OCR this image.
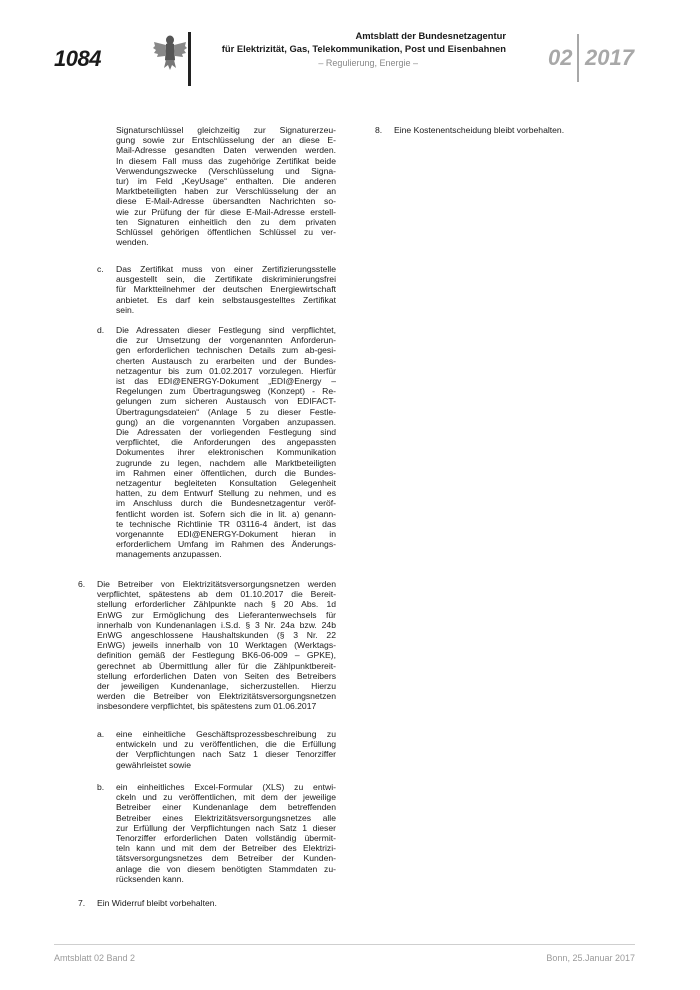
1084
Amtsblatt der Bundesnetzagentur
für Elektrizität, Gas, Telekommunikation, Post und Eisenbahnen
– Regulierung, Energie –	02 2017
Signaturschlüssel gleichzeitig zur Signaturerzeu-
gung sowie zur Entschlüsselung der an diese E-
Mail-Adresse gesandten Daten verwenden werden.
In diesem Fall muss das zugehörige Zertifikat beide
Verwendungszwecke (Verschlüsselung und Signa-
tur) im Feld „KeyUsage“ enthalten. Die anderen
Marktbeteiligten haben zur Verschlüsselung der an
diese E-Mail-Adresse übersandten Nachrichten so-
wie zur Prüfung der für diese E-Mail-Adresse erstell-
ten Signaturen einheitlich den zu dem privaten
Schlüssel gehörigen öffentlichen Schlüssel zu ver-
wenden.
c. Das Zertifikat muss von einer Zertifizierungsstelle
ausgestellt sein, die Zertifikate diskriminierungsfrei
für Marktteilnehmer der deutschen Energiewirtschaft
anbietet. Es darf kein selbstausgestelltes Zertifikat
sein.
d. Die Adressaten dieser Festlegung sind verpflichtet,
die zur Umsetzung der vorgenannten Anforderun-
gen erforderlichen technischen Details zum ab-gesi-
cherten Austausch zu erarbeiten und der Bundes-
netzagentur bis zum 01.02.2017 vorzulegen. Hierfür
ist das EDI@ENERGY-Dokument „EDI@Energy –
Regelungen zum Übertragungsweg (Konzept) - Re-
gelungen zum sicheren Austausch von EDIFACT-
Übertragungsdateien“ (Anlage 5 zu dieser Festle-
gung) an die vorgenannten Vorgaben anzupassen.
Die Adressaten der vorliegenden Festlegung sind
verpflichtet, die Anforderungen des angepassten
Dokumentes ihrer elektronischen Kommunikation
zugrunde zu legen, nachdem alle Marktbeteiligten
im Rahmen einer öffentlichen, durch die Bundes-
netzagentur begleiteten Konsultation Gelegenheit
hatten, zu dem Entwurf Stellung zu nehmen, und es
im Anschluss durch die Bundesnetzagentur veröf-
fentlicht worden ist. Sofern sich die in lit. a) genann-
te technische Richtlinie TR 03116-4 ändert, ist das
vorgenannte EDI@ENERGY-Dokument hieran in
erforderlichem Umfang im Rahmen des Änderungs-
managements anzupassen.
6. Die Betreiber von Elektrizitätsversorgungsnetzen werden
verpflichtet, spätestens ab dem 01.10.2017 die Bereit-
stellung erforderlicher Zählpunkte nach § 20 Abs. 1d
EnWG zur Ermöglichung des Lieferantenwechsels für
innerhalb von Kundenanlagen i.S.d. § 3 Nr. 24a bzw. 24b
EnWG angeschlossene Haushaltskunden (§ 3 Nr. 22
EnWG) jeweils innerhalb von 10 Werktagen (Werktags-
definition gemäß der Festlegung BK6-06-009 – GPKE),
gerechnet ab Übermittlung aller für die Zählpunktbereit-
stellung erforderlichen Daten von Seiten des Betreibers
der jeweiligen Kundenanlage, sicherzustellen. Hierzu
werden die Betreiber von Elektrizitätsversorgungsnetzen
insbesondere verpflichtet, bis spätestens zum 01.06.2017
a. eine einheitliche Geschäftsprozessbeschreibung zu
entwickeln und zu veröffentlichen, die die Erfüllung
der Verpflichtungen nach Satz 1 dieser Tenorziffer
gewährleistet sowie
b. ein einheitliches Excel-Formular (XLS) zu entwi-
ckeln und zu veröffentlichen, mit dem der jeweilige
Betreiber einer Kundenanlage dem betreffenden
Betreiber eines Elektrizitätsversorgungsnetzes alle
zur Erfüllung der Verpflichtungen nach Satz 1 dieser
Tenorziffer erforderlichen Daten vollständig übermit-
teln kann und mit dem der Betreiber des Elektrizi-
tätsversorgungsnetzes dem Betreiber der Kunden-
anlage die von diesem benötigten Stammdaten zu-
rücksenden kann.
7. Ein Widerruf bleibt vorbehalten.
8. Eine Kostenentscheidung bleibt vorbehalten.
Amtsblatt 02 Band 2	Bonn, 25.Januar 2017
